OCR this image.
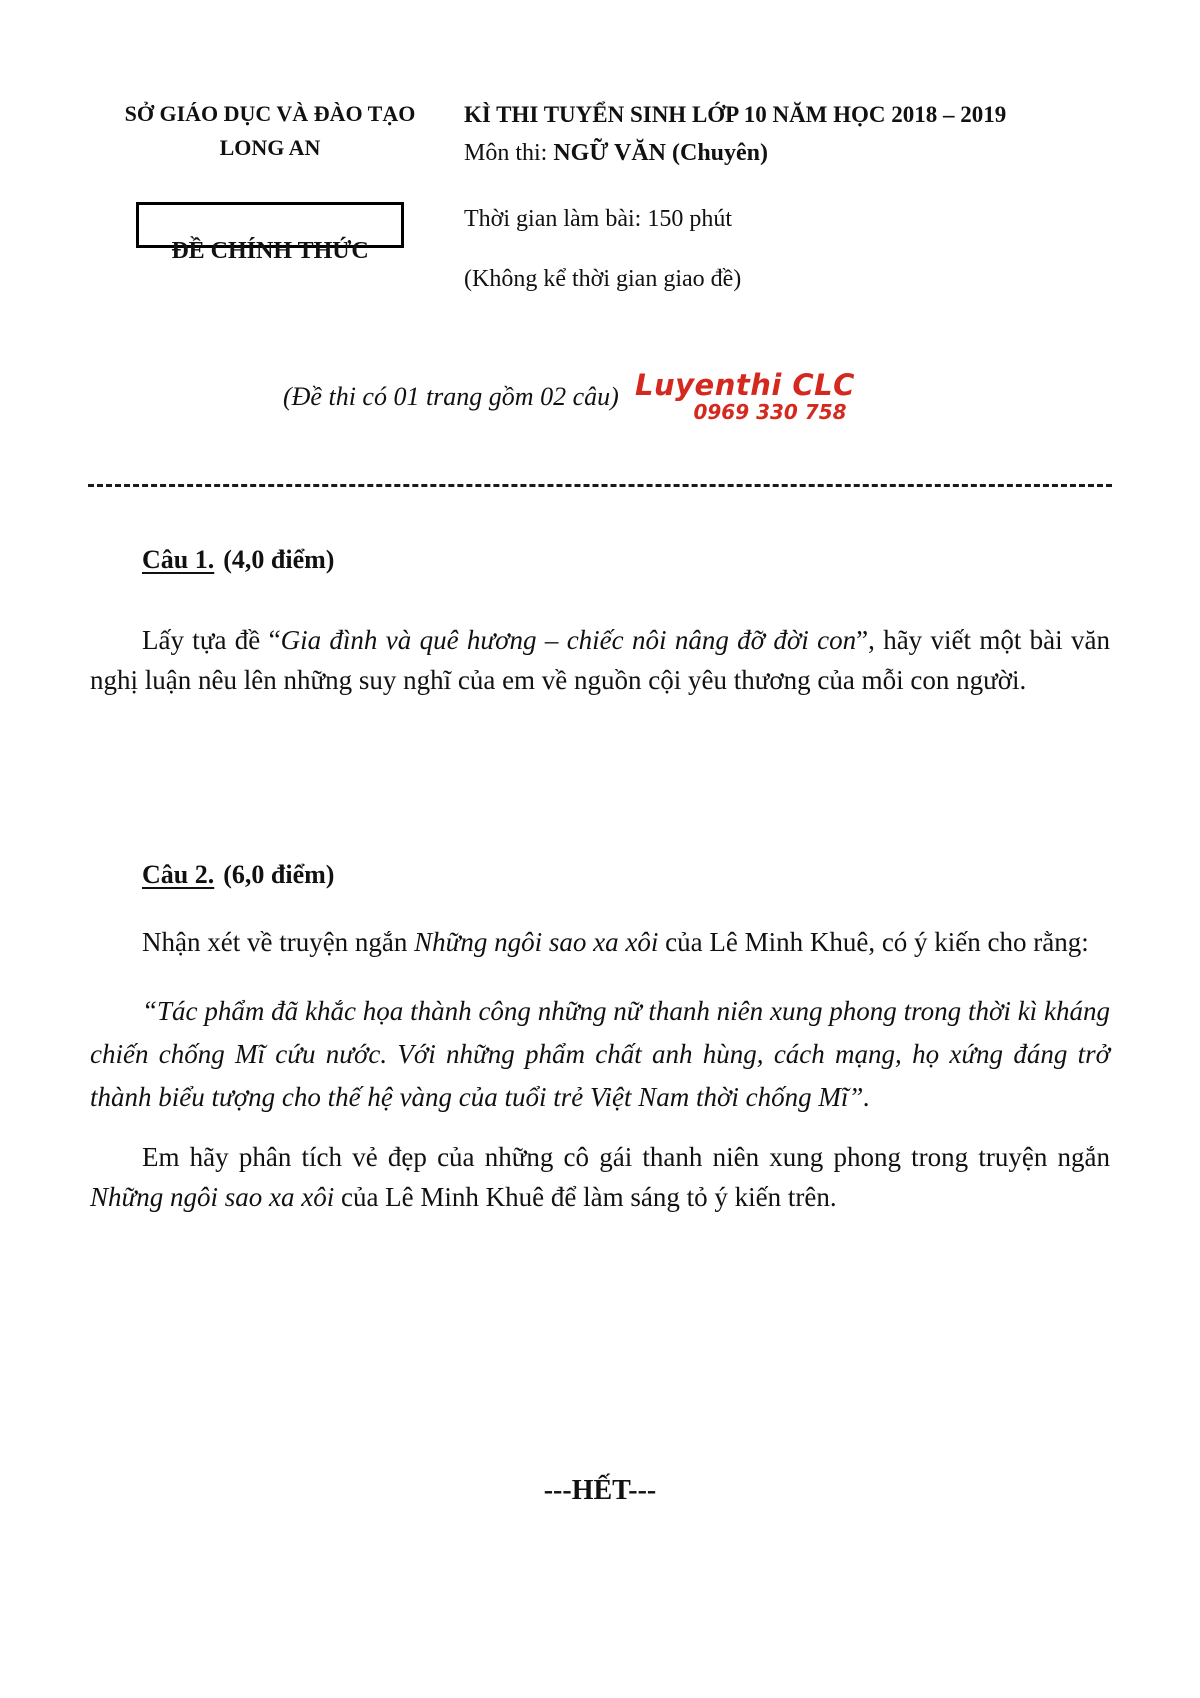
SỞ GIÁO DỤC VÀ ĐÀO TẠO
LONG AN
ĐỀ CHÍNH THỨC
KÌ THI TUYỂN SINH LỚP 10 NĂM HỌC 2018 – 2019
Môn thi: NGỮ VĂN (Chuyên)
Thời gian làm bài: 150 phút
(Không kể thời gian giao đề)
(Đề thi có 01 trang gồm 02 câu) Luyenthi CLC
0969 330 758
Câu 1. (4,0 điểm)

Lấy tựa đề “Gia đình và quê hương – chiếc nôi nâng đỡ đời con”, hãy viết một bài văn nghị luận nêu lên những suy nghĩ của em về nguồn cội yêu thương của mỗi con người.

Câu 2. (6,0 điểm)

Nhận xét về truyện ngắn Những ngôi sao xa xôi của Lê Minh Khuê, có ý kiến cho rằng:

“Tác phẩm đã khắc họa thành công những nữ thanh niên xung phong trong thời kì kháng chiến chống Mĩ cứu nước. Với những phẩm chất anh hùng, cách mạng, họ xứng đáng trở thành biểu tượng cho thế hệ vàng của tuổi trẻ Việt Nam thời chống Mĩ”.

Em hãy phân tích vẻ đẹp của những cô gái thanh niên xung phong trong truyện ngắn Những ngôi sao xa xôi của Lê Minh Khuê để làm sáng tỏ ý kiến trên.

---HẾT---
